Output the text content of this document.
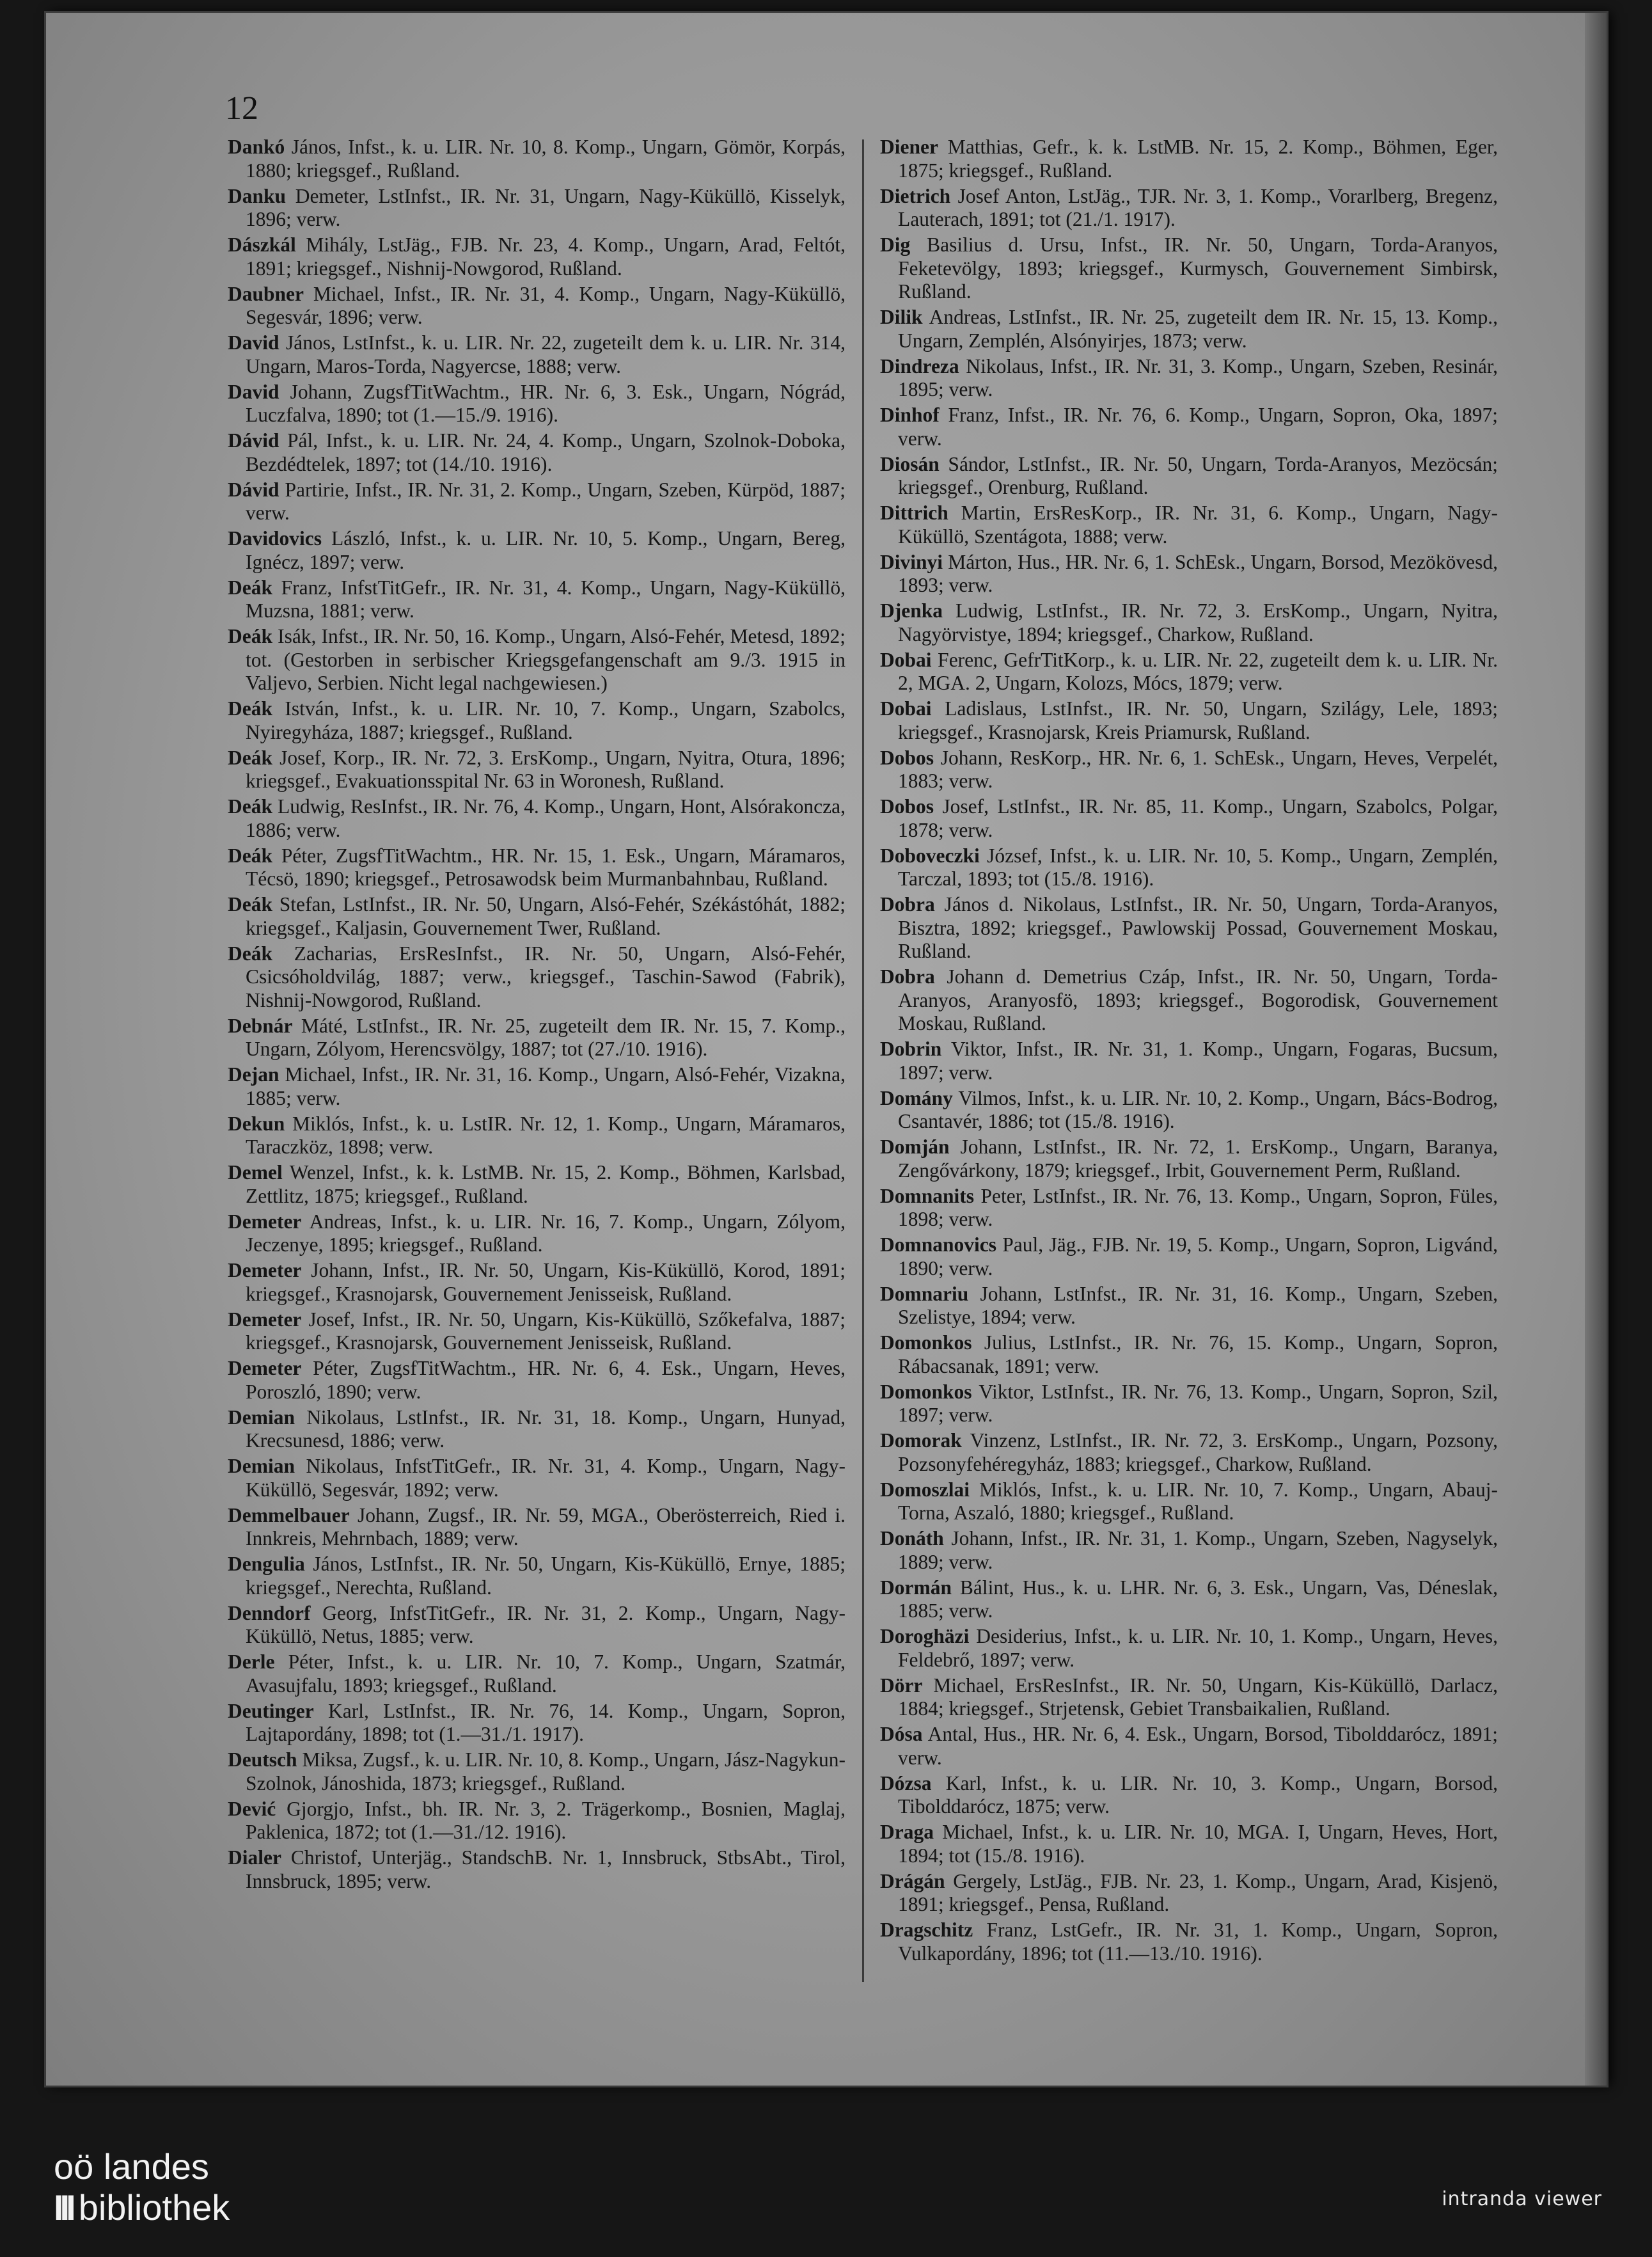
12
Dankó János, Infst., k. u. LIR. Nr. 10, 8. Komp., Ungarn, Gömör, Korpás, 1880; kriegsgef., Rußland.
Danku Demeter, LstInfst., IR. Nr. 31, Ungarn, Nagy-Küküllö, Kisselyk, 1896; verw.
Dászkál Mihály, LstJäg., FJB. Nr. 23, 4. Komp., Ungarn, Arad, Feltót, 1891; kriegsgef., Nishnij-Nowgorod, Rußland.
Daubner Michael, Infst., IR. Nr. 31, 4. Komp., Ungarn, Nagy-Küküllö, Segesvár, 1896; verw.
David János, LstInfst., k. u. LIR. Nr. 22, zugeteilt dem k. u. LIR. Nr. 314, Ungarn, Maros-Torda, Nagyercse, 1888; verw.
David Johann, ZugsfTitWachtm., HR. Nr. 6, 3. Esk., Ungarn, Nógrád, Luczfalva, 1890; tot (1.—15./9. 1916).
Dávid Pál, Infst., k. u. LIR. Nr. 24, 4. Komp., Ungarn, Szolnok-Doboka, Bezdédtelek, 1897; tot (14./10. 1916).
Dávid Partirie, Infst., IR. Nr. 31, 2. Komp., Ungarn, Szeben, Kürpöd, 1887; verw.
Davidovics László, Infst., k. u. LIR. Nr. 10, 5. Komp., Ungarn, Bereg, Ignécz, 1897; verw.
Deák Franz, InfstTitGefr., IR. Nr. 31, 4. Komp., Ungarn, Nagy-Küküllö, Muzsna, 1881; verw.
Deák Isák, Infst., IR. Nr. 50, 16. Komp., Ungarn, Alsó-Fehér, Metesd, 1892; tot. (Gestorben in serbischer Kriegsgefangenschaft am 9./3. 1915 in Valjevo, Serbien. Nicht legal nachgewiesen.)
Deák István, Infst., k. u. LIR. Nr. 10, 7. Komp., Ungarn, Szabolcs, Nyiregyháza, 1887; kriegsgef., Rußland.
Deák Josef, Korp., IR. Nr. 72, 3. ErsKomp., Ungarn, Nyitra, Otura, 1896; kriegsgef., Evakuationsspital Nr. 63 in Woronesh, Rußland.
Deák Ludwig, ResInfst., IR. Nr. 76, 4. Komp., Ungarn, Hont, Alsórakoncza, 1886; verw.
Deák Péter, ZugsfTitWachtm., HR. Nr. 15, 1. Esk., Ungarn, Máramaros, Técsö, 1890; kriegsgef., Petrosawodsk beim Murmanbahnbau, Rußland.
Deák Stefan, LstInfst., IR. Nr. 50, Ungarn, Alsó-Fehér, Székástóhát, 1882; kriegsgef., Kaljasin, Gouvernement Twer, Rußland.
Deák Zacharias, ErsResInfst., IR. Nr. 50, Ungarn, Alsó-Fehér, Csicsóholdvilág, 1887; verw., kriegsgef., Taschin-Sawod (Fabrik), Nishnij-Nowgorod, Rußland.
Debnár Máté, LstInfst., IR. Nr. 25, zugeteilt dem IR. Nr. 15, 7. Komp., Ungarn, Zólyom, Herencsvölgy, 1887; tot (27./10. 1916).
Dejan Michael, Infst., IR. Nr. 31, 16. Komp., Ungarn, Alsó-Fehér, Vizakna, 1885; verw.
Dekun Miklós, Infst., k. u. LstIR. Nr. 12, 1. Komp., Ungarn, Máramaros, Taraczköz, 1898; verw.
Demel Wenzel, Infst., k. k. LstMB. Nr. 15, 2. Komp., Böhmen, Karlsbad, Zettlitz, 1875; kriegsgef., Rußland.
Demeter Andreas, Infst., k. u. LIR. Nr. 16, 7. Komp., Ungarn, Zólyom, Jeczenye, 1895; kriegsgef., Rußland.
Demeter Johann, Infst., IR. Nr. 50, Ungarn, Kis-Küküllö, Korod, 1891; kriegsgef., Krasnojarsk, Gouvernement Jenisseisk, Rußland.
Demeter Josef, Infst., IR. Nr. 50, Ungarn, Kis-Küküllö, Szőkefalva, 1887; kriegsgef., Krasnojarsk, Gouvernement Jenisseisk, Rußland.
Demeter Péter, ZugsfTitWachtm., HR. Nr. 6, 4. Esk., Ungarn, Heves, Poroszló, 1890; verw.
Demian Nikolaus, LstInfst., IR. Nr. 31, 18. Komp., Ungarn, Hunyad, Krecsunesd, 1886; verw.
Demian Nikolaus, InfstTitGefr., IR. Nr. 31, 4. Komp., Ungarn, Nagy-Küküllö, Segesvár, 1892; verw.
Demmelbauer Johann, Zugsf., IR. Nr. 59, MGA., Oberösterreich, Ried i. Innkreis, Mehrnbach, 1889; verw.
Dengulia János, LstInfst., IR. Nr. 50, Ungarn, Kis-Küküllö, Ernye, 1885; kriegsgef., Nerechta, Rußland.
Denndorf Georg, InfstTitGefr., IR. Nr. 31, 2. Komp., Ungarn, Nagy-Küküllö, Netus, 1885; verw.
Derle Péter, Infst., k. u. LIR. Nr. 10, 7. Komp., Ungarn, Szatmár, Avasujfalu, 1893; kriegsgef., Rußland.
Deutinger Karl, LstInfst., IR. Nr. 76, 14. Komp., Ungarn, Sopron, Lajtapordány, 1898; tot (1.—31./1. 1917).
Deutsch Miksa, Zugsf., k. u. LIR. Nr. 10, 8. Komp., Ungarn, Jász-Nagykun-Szolnok, Jánoshida, 1873; kriegsgef., Rußland.
Dević Gjorgjo, Infst., bh. IR. Nr. 3, 2. Trägerkomp., Bosnien, Maglaj, Paklenica, 1872; tot (1.—31./12. 1916).
Dialer Christof, Unterjäg., StandschB. Nr. 1, Innsbruck, StbsAbt., Tirol, Innsbruck, 1895; verw.
Diener Matthias, Gefr., k. k. LstMB. Nr. 15, 2. Komp., Böhmen, Eger, 1875; kriegsgef., Rußland.
Dietrich Josef Anton, LstJäg., TJR. Nr. 3, 1. Komp., Vorarlberg, Bregenz, Lauterach, 1891; tot (21./1. 1917).
Dig Basilius d. Ursu, Infst., IR. Nr. 50, Ungarn, Torda-Aranyos, Feketevölgy, 1893; kriegsgef., Kurmysch, Gouvernement Simbirsk, Rußland.
Dilik Andreas, LstInfst., IR. Nr. 25, zugeteilt dem IR. Nr. 15, 13. Komp., Ungarn, Zemplén, Alsónyirjes, 1873; verw.
Dindreza Nikolaus, Infst., IR. Nr. 31, 3. Komp., Ungarn, Szeben, Resinár, 1895; verw.
Dinhof Franz, Infst., IR. Nr. 76, 6. Komp., Ungarn, Sopron, Oka, 1897; verw.
Diosán Sándor, LstInfst., IR. Nr. 50, Ungarn, Torda-Aranyos, Mezöcsán; kriegsgef., Orenburg, Rußland.
Dittrich Martin, ErsResKorp., IR. Nr. 31, 6. Komp., Ungarn, Nagy-Küküllö, Szentágota, 1888; verw.
Divinyi Márton, Hus., HR. Nr. 6, 1. SchEsk., Ungarn, Borsod, Mezökövesd, 1893; verw.
Djenka Ludwig, LstInfst., IR. Nr. 72, 3. ErsKomp., Ungarn, Nyitra, Nagyörvistye, 1894; kriegsgef., Charkow, Rußland.
Dobai Ferenc, GefrTitKorp., k. u. LIR. Nr. 22, zugeteilt dem k. u. LIR. Nr. 2, MGA. 2, Ungarn, Kolozs, Mócs, 1879; verw.
Dobai Ladislaus, LstInfst., IR. Nr. 50, Ungarn, Szilágy, Lele, 1893; kriegsgef., Krasnojarsk, Kreis Priamursk, Rußland.
Dobos Johann, ResKorp., HR. Nr. 6, 1. SchEsk., Ungarn, Heves, Verpelét, 1883; verw.
Dobos Josef, LstInfst., IR. Nr. 85, 11. Komp., Ungarn, Szabolcs, Polgar, 1878; verw.
Doboveczki József, Infst., k. u. LIR. Nr. 10, 5. Komp., Ungarn, Zemplén, Tarczal, 1893; tot (15./8. 1916).
Dobra János d. Nikolaus, LstInfst., IR. Nr. 50, Ungarn, Torda-Aranyos, Bisztra, 1892; kriegsgef., Pawlowskij Possad, Gouvernement Moskau, Rußland.
Dobra Johann d. Demetrius Czáp, Infst., IR. Nr. 50, Ungarn, Torda-Aranyos, Aranyosfö, 1893; kriegsgef., Bogorodisk, Gouvernement Moskau, Rußland.
Dobrin Viktor, Infst., IR. Nr. 31, 1. Komp., Ungarn, Fogaras, Bucsum, 1897; verw.
Domány Vilmos, Infst., k. u. LIR. Nr. 10, 2. Komp., Ungarn, Bács-Bodrog, Csantavér, 1886; tot (15./8. 1916).
Domján Johann, LstInfst., IR. Nr. 72, 1. ErsKomp., Ungarn, Baranya, Zengővárkony, 1879; kriegsgef., Irbit, Gouvernement Perm, Rußland.
Domnanits Peter, LstInfst., IR. Nr. 76, 13. Komp., Ungarn, Sopron, Füles, 1898; verw.
Domnanovics Paul, Jäg., FJB. Nr. 19, 5. Komp., Ungarn, Sopron, Ligvánd, 1890; verw.
Domnariu Johann, LstInfst., IR. Nr. 31, 16. Komp., Ungarn, Szeben, Szelistye, 1894; verw.
Domonkos Julius, LstInfst., IR. Nr. 76, 15. Komp., Ungarn, Sopron, Rábacsanak, 1891; verw.
Domonkos Viktor, LstInfst., IR. Nr. 76, 13. Komp., Ungarn, Sopron, Szil, 1897; verw.
Domorak Vinzenz, LstInfst., IR. Nr. 72, 3. ErsKomp., Ungarn, Pozsony, Pozsonyfehéregyház, 1883; kriegsgef., Charkow, Rußland.
Domoszlai Miklós, Infst., k. u. LIR. Nr. 10, 7. Komp., Ungarn, Abauj-Torna, Aszaló, 1880; kriegsgef., Rußland.
Donáth Johann, Infst., IR. Nr. 31, 1. Komp., Ungarn, Szeben, Nagyselyk, 1889; verw.
Dormán Bálint, Hus., k. u. LHR. Nr. 6, 3. Esk., Ungarn, Vas, Déneslak, 1885; verw.
Doroghäzi Desiderius, Infst., k. u. LIR. Nr. 10, 1. Komp., Ungarn, Heves, Feldebrő, 1897; verw.
Dörr Michael, ErsResInfst., IR. Nr. 50, Ungarn, Kis-Küküllö, Darlacz, 1884; kriegsgef., Strjetensk, Gebiet Transbaikalien, Rußland.
Dósa Antal, Hus., HR. Nr. 6, 4. Esk., Ungarn, Borsod, Tibolddarócz, 1891; verw.
Dózsa Karl, Infst., k. u. LIR. Nr. 10, 3. Komp., Ungarn, Borsod, Tibolddarócz, 1875; verw.
Draga Michael, Infst., k. u. LIR. Nr. 10, MGA. I, Ungarn, Heves, Hort, 1894; tot (15./8. 1916).
Drágán Gergely, LstJäg., FJB. Nr. 23, 1. Komp., Ungarn, Arad, Kisjenö, 1891; kriegsgef., Pensa, Rußland.
Dragschitz Franz, LstGefr., IR. Nr. 31, 1. Komp., Ungarn, Sopron, Vulkapordány, 1896; tot (11.—13./10. 1916).
oö landes
III bibliothek	intranda viewer
